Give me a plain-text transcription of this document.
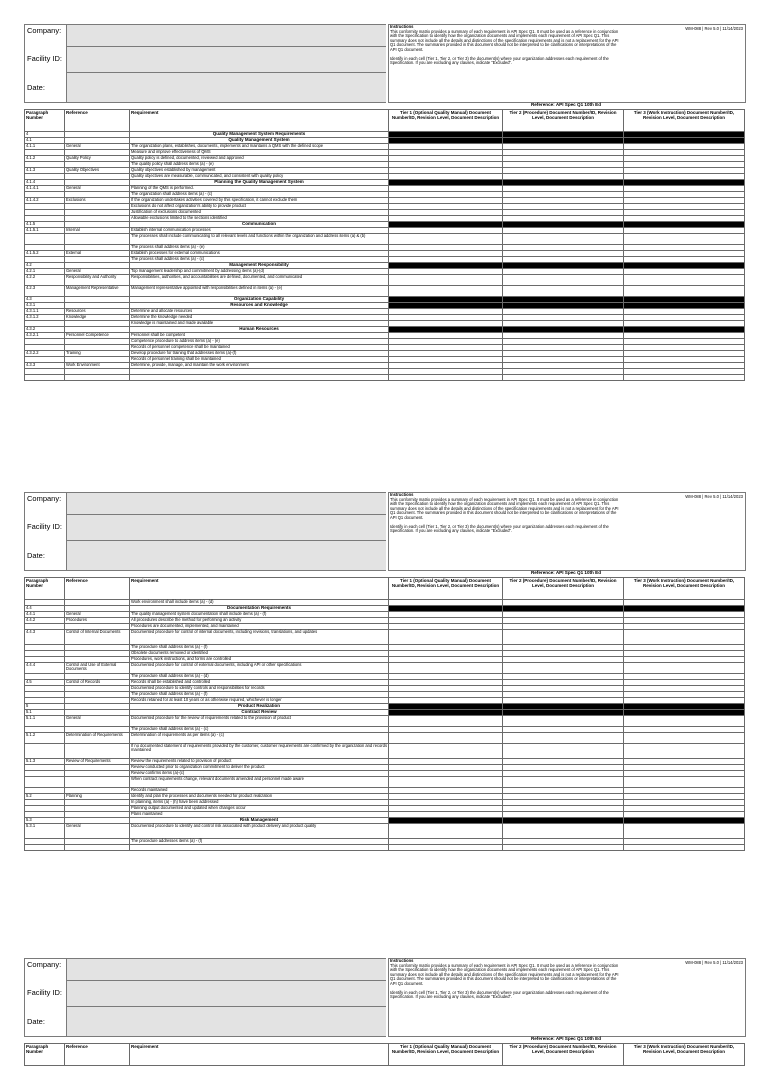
Company:
Facility ID:
Date:
Instructions
This conformity matrix provides a summary of each requirement in API Spec Q1. It must be used as a reference in conjunction with the Specification to identify how the organization documents and implements each requirement of API Spec Q1. This summary does not include all the details and distinctions of the specification requirements and is not a replacement for the API Q1 document. The summaries provided in this document should not be interpreted to be clarifications or interpretations of the API Q1 document.
Identify in each cell (Tier 1, Tier 2, or Tier 3) the document(s) where your organization addresses each requirement of the Specification. If you are excluding any clauses, indicate "Excluded".
WM-088 | Rev 5.0 | 11/14/2023
Reference: API Spec Q1 10th Ed
Paragraph Number	Reference	Requirement	Tier 1 (Optional Quality Manual) Document Number/ID, Revision Level, Document Description	Tier 2 (Procedure) Document Number/ID, Revision Level, Document Description	Tier 3 (Work Instruction) Document Number/ID, Revision Level, Document Description
4		Quality Management System Requirements			
4.1		Quality Management System			
4.1.1	General	The organization plans, establishes, documents, implements and maintains a QMS with the defined scope			
		Measure and improve effectiveness of QMS			
4.1.2	Quality Policy	Quality policy is defined, documented, reviewed and approved			
		The quality policy shall address items (a) - (e)			
4.1.3	Quality Objectives	Quality objectives established by management			
		Quality objectives are measurable, communicated, and consistent with quality policy			
4.1.4		Planning the Quality Management System			
4.1.4.1	General	Planning of the QMS is performed.			
		The organization shall address items (a) - (c)			
4.1.4.2	Exclusions	If the organization undertakes activities covered by this specification, it cannot exclude them			
		Exclusions do not affect organization's ability to provide product			
		Justification of exclusions documented			
		Allowable exclusions limited to the sections identified			
4.1.5		Communication			
4.1.5.1	Internal	Establish internal communication processes			
		The processes shall include communicating to all relevant levels and functions within the organization and address items (a) & (b)			
		The process shall address items (a) - (e)			
4.1.5.2	External	Establish processes for external communications			
		The process shall address items (a) - (c)			
4.2		Management Responsibility			
4.2.1	General	Top management leadership and commitment by addressing items (a)-(d)			
4.2.2	Responsibility and Authority	Responsibilities, authorities, and accountabilities are defined, documented, and communicated			
4.2.3	Management Representative	Management representative appointed with responsibilities defined in items (a) - (e)			
4.3		Organization Capability			
4.3.1		Resources and Knowledge			
4.3.1.1	Resources	Determine and allocate resources			
4.3.1.2	Knowledge	Determine the knowledge needed			
		Knowledge is maintained and made available			
4.3.2		Human Resources			
4.3.2.1	Personnel Competence	Personnel shall be competent			
		Competence procedure to address items (a) - (e)			
		Records of personnel competence shall be maintained			
4.3.2.2	Training	Develop procedure for training that addresses items (a)-(f)			
		Records of personnel training shall be maintained			
4.3.3	Work Environment	Determine, provide, manage, and maintain the work environment			

Company:
Facility ID:
Date:
Instructions
This conformity matrix provides a summary of each requirement in API Spec Q1. It must be used as a reference in conjunction with the Specification to identify how the organization documents and implements each requirement of API Spec Q1. This summary does not include all the details and distinctions of the specification requirements and is not a replacement for the API Q1 document. The summaries provided in this document should not be interpreted to be clarifications or interpretations of the API Q1 document.
Identify in each cell (Tier 1, Tier 2, or Tier 3) the document(s) where your organization addresses each requirement of the Specification. If you are excluding any clauses, indicate "Excluded".
WM-088 | Rev 5.0 | 11/14/2023
Reference: API Spec Q1 10th Ed
Paragraph Number	Reference	Requirement	Tier 1 (Optional Quality Manual) Document Number/ID, Revision Level, Document Description	Tier 2 (Procedure) Document Number/ID, Revision Level, Document Description	Tier 3 (Work Instruction) Document Number/ID, Revision Level, Document Description
		Work environment shall include items (a) - (d)			
4.4		Documentation Requirements			
4.4.1	General	The quality management system documentation shall include items (a) - (f)			
4.4.2	Procedures	All procedures describe the method for performing an activity			
		Procedures are documented, implemented, and maintained			
4.4.3	Control of Internal Documents	Documented procedure for control of internal documents, including revisions, translations, and updates			
		The procedure shall address items (a) - (f)			
		Obsolete documents removed or identified			
		Procedures, work instructions, and forms are controlled			
4.4.4	Control and Use of External Documents	Documented procedure for control of external documents, including API or other specifications			
		The procedure shall address items (a) - (d)			
4.5	Control of Records	Records shall be established and controlled			
		Documented procedure to identify controls and responsibilities for records			
		The procedure shall address items (a) - (f)			
		Records retained for at least 10 years or as otherwise required, whichever is longer			
5		Product Realization			
5.1		Contract Review			
5.1.1	General	Documented procedure for the review of requirements related to the provision of product			
		The procedure shall address items (a) - (c)			
5.1.2	Determination of Requirements	Determination of requirements as per items (a) - (c)			
		If no documented statement of requirements provided by the customer, customer requirements are confirmed by the organization and records maintained			
5.1.3	Review of Requirements	Review the requirements related to provision of product			
		Review conducted prior to organization commitment to deliver the product			
		Review confirms items (a)-(c)			
		When contract requirements change, relevant documents amended and personnel made aware			
		Records maintained			
5.2	Planning	Identify and plan the processes and documents needed for product realization			
		In planning, items (a) - (h) have been addressed			
		Planning output documented and updated when changes occur			
		Plans maintained			
5.3		Risk Management			
5.3.1	General	Documented procedure to identify and control risk associated with product delivery and product quality			
		The procedure addresses items (a) - (f)			

Company:
Facility ID:
Date:
Instructions
This conformity matrix provides a summary of each requirement in API Spec Q1. It must be used as a reference in conjunction with the Specification to identify how the organization documents and implements each requirement of API Spec Q1. This summary does not include all the details and distinctions of the specification requirements and is not a replacement for the API Q1 document. The summaries provided in this document should not be interpreted to be clarifications or interpretations of the API Q1 document.
Identify in each cell (Tier 1, Tier 2, or Tier 3) the document(s) where your organization addresses each requirement of the Specification. If you are excluding any clauses, indicate "Excluded".
WM-088 | Rev 5.0 | 11/14/2023
Reference: API Spec Q1 10th Ed
Paragraph Number	Reference	Requirement	Tier 1 (Optional Quality Manual) Document Number/ID, Revision Level, Document Description	Tier 2 (Procedure) Document Number/ID, Revision Level, Document Description	Tier 3 (Work Instruction) Document Number/ID, Revision Level, Document Description
